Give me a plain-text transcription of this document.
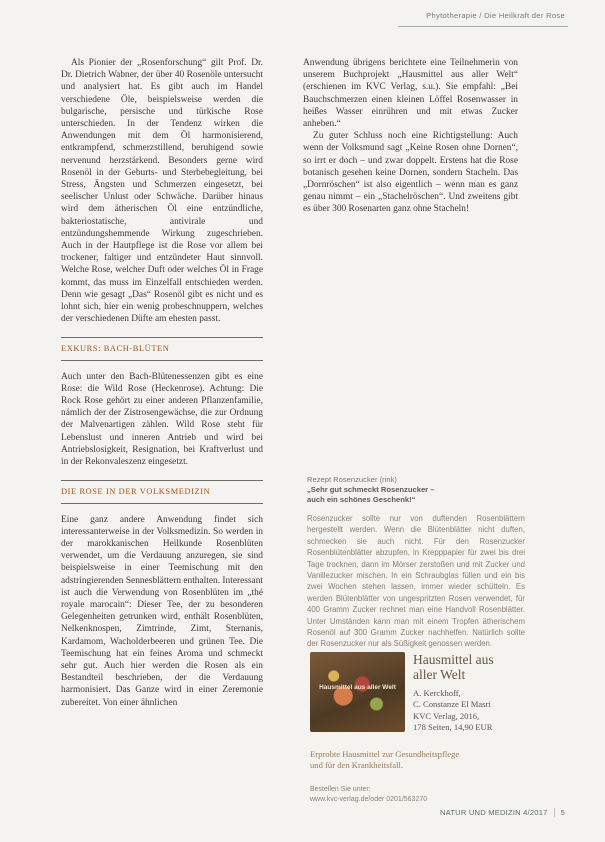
Phytotherapie / Die Heilkraft der Rose

Als Pionier der „Rosenforschung“ gilt Prof. Dr. Dr. Dietrich Wabner, der über 40 Rosenöle untersucht und analysiert hat. Es gibt auch im Handel verschiedene Öle, beispielsweise werden die bulgarische, persische und türkische Rose unterschieden. In der Tendenz wirken die Anwendungen mit dem Öl harmonisierend, entkrampfend, schmerzstillend, beruhigend sowie nervenund herzstärkend. Besonders gerne wird Rosenöl in der Geburts- und Sterbebegleitung, bei Stress, Ängsten und Schmerzen eingesetzt, bei seelischer Unlust oder Schwäche. Darüber hinaus wird dem ätherischen Öl eine entzündliche, bakteriostatische, antivirale und entzündungshemmende Wirkung zugeschrieben. Auch in der Hautpflege ist die Rose vor allem bei trockener, faltiger und entzündeter Haut sinnvoll. Welche Rose, welcher Duft oder welches Öl in Frage kommt, das muss im Einzelfall entschieden werden. Denn wie gesagt „Das“ Rosenöl gibt es nicht und es lohnt sich, hier ein wenig probeschnuppern, welches der verschiedenen Düfte am ehesten passt.

EXKURS: BACH-BLÜTEN

Auch unter den Bach-Blütenessenzen gibt es eine Rose: die Wild Rose (Heckenrose). Achtung: Die Rock Rose gehört zu einer anderen Pflanzenfamilie, nämlich der der Zistrosengewächse, die zur Ordnung der Malvenartigen zählen. Wild Rose steht für Lebenslust und inneren Antrieb und wird bei Antriebslosigkeit, Resignation, bei Kraftverlust und in der Rekonvaleszenz eingesetzt.

DIE ROSE IN DER VOLKSMEDIZIN

Eine ganz andere Anwendung findet sich interessanterweise in der Volksmedizin. So werden in der marokkanischen Heilkunde Rosenblüten verwendet, um die Verdauung anzuregen, sie sind beispielsweise in einer Teemischung mit den adstringierenden Sennesblättern enthalten. Interessant ist auch die Verwendung von Rosenblüten im „thé royale marocain“: Dieser Tee, der zu besonderen Gelegenheiten getrunken wird, enthält Rosenblüten, Nelkenknospen, Zimtrinde, Zimt, Sternanis, Kardamom, Wacholderbeeren und grünen Tee. Die Teemischung hat ein feines Aroma und schmeckt sehr gut. Auch hier werden die Rosen als ein Bestandteil beschrieben, der die Verdauung harmonisiert. Das Ganze wird in einer Zeremonie zubereitet. Von einer ähnlichen

Anwendung übrigens berichtete eine Teilnehmerin von unserem Buchprojekt „Hausmittel aus aller Welt“ (erschienen im KVC Verlag, s.u.). Sie empfahl: „Bei Bauchschmerzen einen kleinen Löffel Rosenwasser in heißes Wasser einrühren und mit etwas Zucker anheben.“

Zu guter Schluss noch eine Richtigstellung: Auch wenn der Volksmund sagt „Keine Rosen ohne Dornen“, so irrt er doch – und zwar doppelt. Erstens hat die Rose botanisch gesehen keine Dornen, sondern Stacheln. Das „Dornröschen“ ist also eigentlich – wenn man es ganz genau nimmt – ein „Stachelröschen“. Und zweitens gibt es über 300 Rosenarten ganz ohne Stacheln!

Rezept Rosenzucker (rink)
„Sehr gut schmeckt Rosenzucker –
auch ein schönes Geschenk!“
Rosenzucker sollte nur von duftenden Rosenblättern hergestellt werden. Wenn die Blütenblätter nicht duften, schmecken sie auch nicht. Für den Rosenzucker Rosenblütenblätter abzupfen, in Krepppapier für zwei bis drei Tage trocknen, dann im Mörser zerstoßen und mit Zucker und Vanillezucker mischen. In ein Schraubglas füllen und ein bis zwei Wochen stehen lassen, immer wieder schütteln. Es werden Blütenblätter von ungespritzten Rosen verwendet, für 400 Gramm Zucker rechnet man eine Handvoll Rosenblätter. Unter Umständen kann man mit einem Tropfen ätherischem Rosenöl auf 300 Gramm Zucker nachhelfen. Natürlich sollte der Rosenzucker nur als Süßigkeit genossen werden.
Hausmittel aus aller Welt
Hausmittel aus
aller Welt
A. Kerckhoff,
C. Constanze El Masri
KVC Verlag, 2016,
178 Seiten, 14,90 EUR
Erprobte Hausmittel zur Gesundheitspflege
und für den Krankheitsfall.
Bestellen Sie unter:
www.kvc-verlag.de/oder 0201/563270
NATUR UND MEDIZIN 4/2017 5
